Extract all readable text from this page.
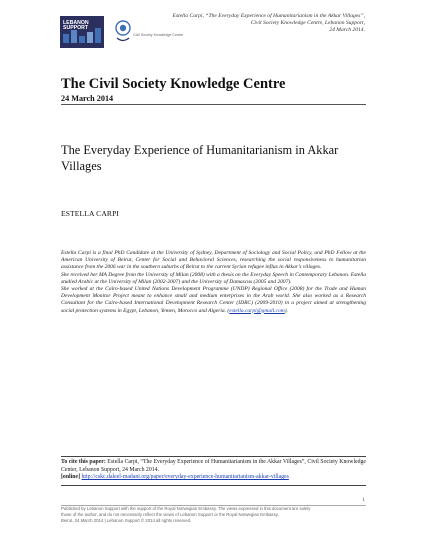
LEBANON
SUPPORT
Civil Society Knowledge Centre
Estella Carpi, “The Everyday Experience of Humanitarianism in the Akkar Villages”,
Civil Society Knowledge Centre, Lebanon Support,
24 March 2014.
The Civil Society Knowledge Centre
24 March 2014
The Everyday Experience of Humanitarianism in Akkar Villages
ESTELLA CARPI

Estella Carpi is a final PhD Candidate at the University of Sydney, Department of Sociology and Social Policy, and PhD Fellow at the American University of Beirut, Center for Social and Behavioral Sciences, researching the social responsiveness to humanitarian assistance from the 2006 war in the southern suburbs of Beirut to the current Syrian refugee influx in Akkar’s villages.

She received her MA Degree from the University of Milan (2008) with a thesis on the Everyday Speech in Contemporary Lebanon. Estella studied Arabic at the University of Milan (2002-2007) and the University of Damascus (2005 and 2007).

She worked at the Cairo-based United Nations Development Programme (UNDP) Regional Office (2008) for the Trade and Human Development Monitor Project meant to enhance small and medium enterprises in the Arab world. She also worked as a Research Consultant for the Cairo-based International Development Research Center (IDRC) (2009-2010) in a project aimed at strengthening social protection systems in Egypt, Lebanon, Yemen, Morocco and Algeria. (estella.carpi@gmail.com).

To cite this paper: Estella Carpi, “The Everyday Experience of Humanitarianism in the Akkar Villages”, Civil Society Knowledge Center, Lebanon Support, 24 March 2014.
[online] http://cskc.daleel-madani.org/paper/everyday-experience-humanitarianism-akkar-villages
1
Published by Lebanon Support with the support of the Royal Norwegian Embassy. The views expressed in this document are solely
those of the author, and do not necessarily reflect the views of Lebanon Support or the Royal Norwegian Embassy.
Beirut, 24 March 2014 | Lebanon Support © 2014 all rights reserved.
